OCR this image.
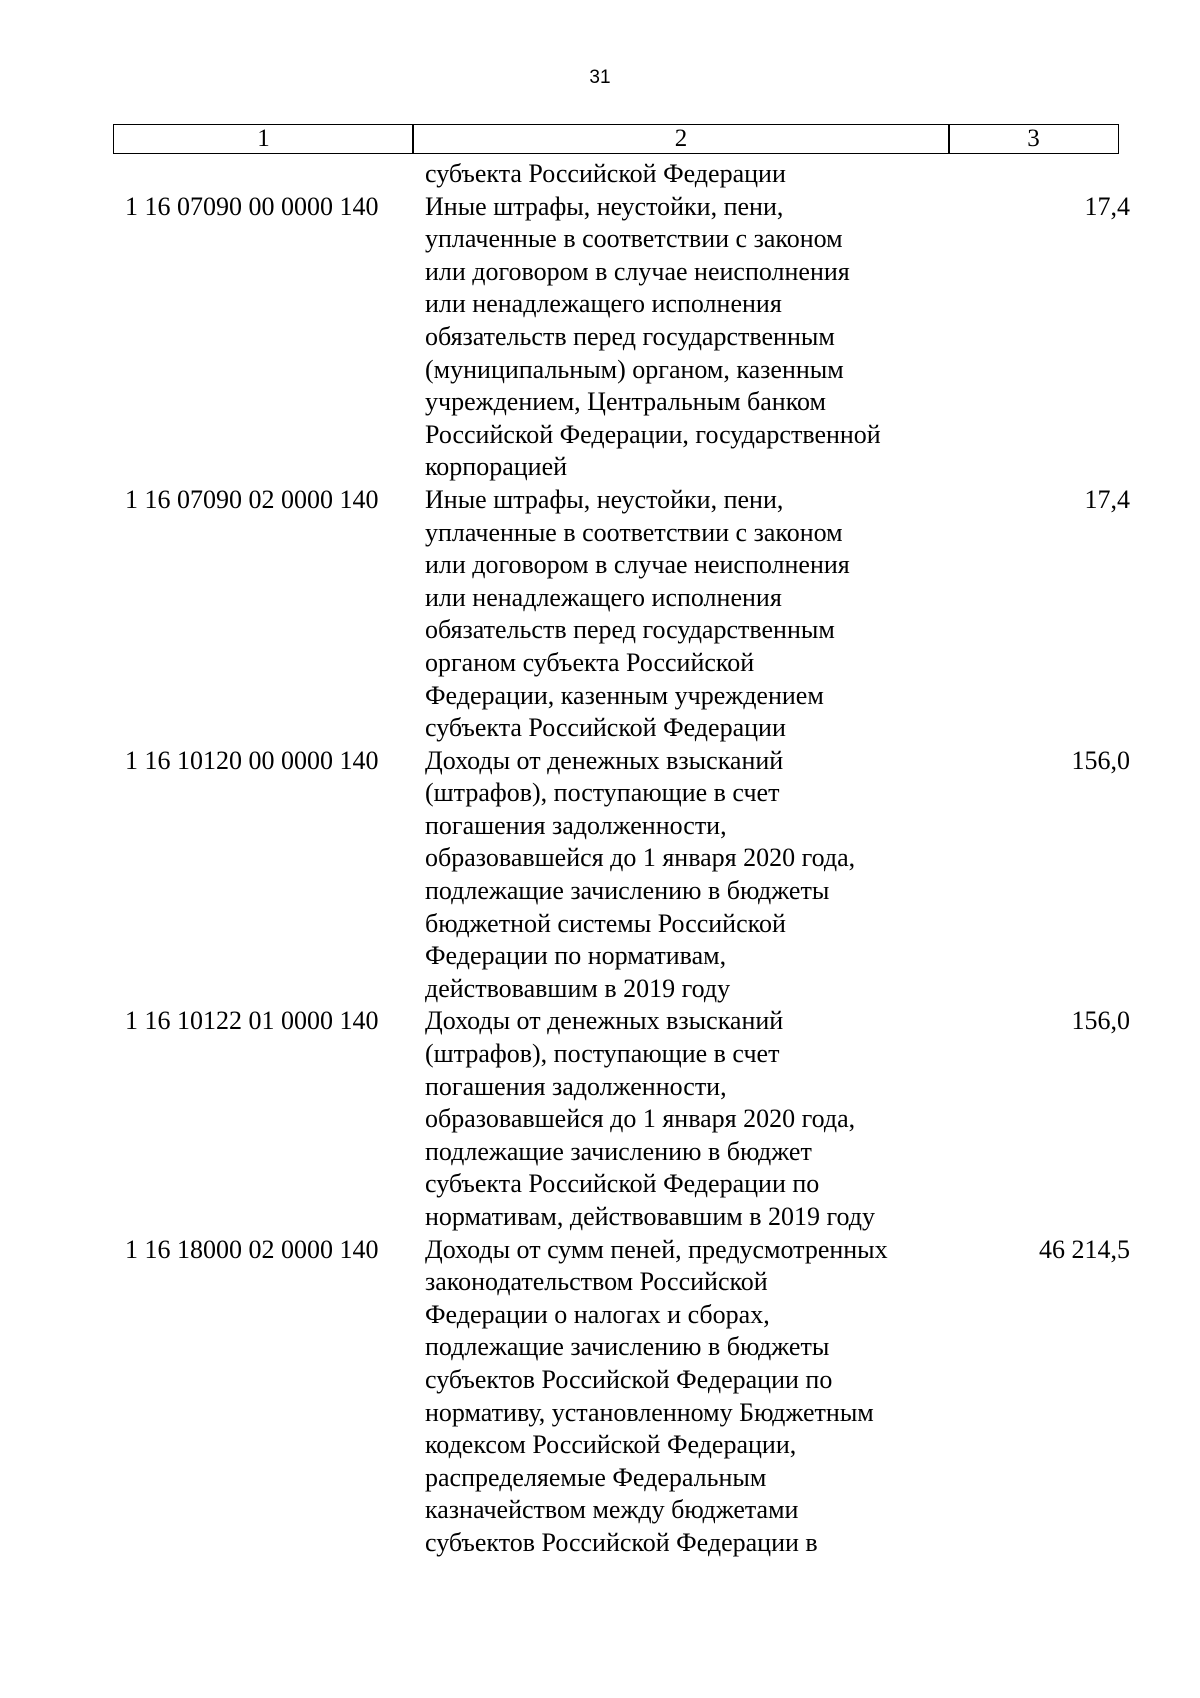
31
1	2	3
субъекта Российской Федерации
1 16 07090 00 0000 140	Иные штрафы, неустойки, пени,
уплаченные в соответствии с законом
или договором в случае неисполнения
или ненадлежащего исполнения
обязательств перед государственным
(муниципальным) органом, казенным
учреждением, Центральным банком
Российской Федерации, государственной
корпорацией
17,4
1 16 07090 02 0000 140	Иные штрафы, неустойки, пени,
уплаченные в соответствии с законом
или договором в случае неисполнения
или ненадлежащего исполнения
обязательств перед государственным
органом субъекта Российской
Федерации, казенным учреждением
субъекта Российской Федерации
17,4
1 16 10120 00 0000 140	Доходы от денежных взысканий
(штрафов), поступающие в счет
погашения задолженности,
образовавшейся до 1 января 2020 года,
подлежащие зачислению в бюджеты
бюджетной системы Российской
Федерации по нормативам,
действовавшим в 2019 году
156,0
1 16 10122 01 0000 140	Доходы от денежных взысканий
(штрафов), поступающие в счет
погашения задолженности,
образовавшейся до 1 января 2020 года,
подлежащие зачислению в бюджет
субъекта Российской Федерации по
нормативам, действовавшим в 2019 году
156,0
1 16 18000 02 0000 140	Доходы от сумм пеней, предусмотренных
законодательством Российской
Федерации о налогах и сборах,
подлежащие зачислению в бюджеты
субъектов Российской Федерации по
нормативу, установленному Бюджетным
кодексом Российской Федерации,
распределяемые Федеральным
казначейством между бюджетами
субъектов Российской Федерации в
46 214,5
